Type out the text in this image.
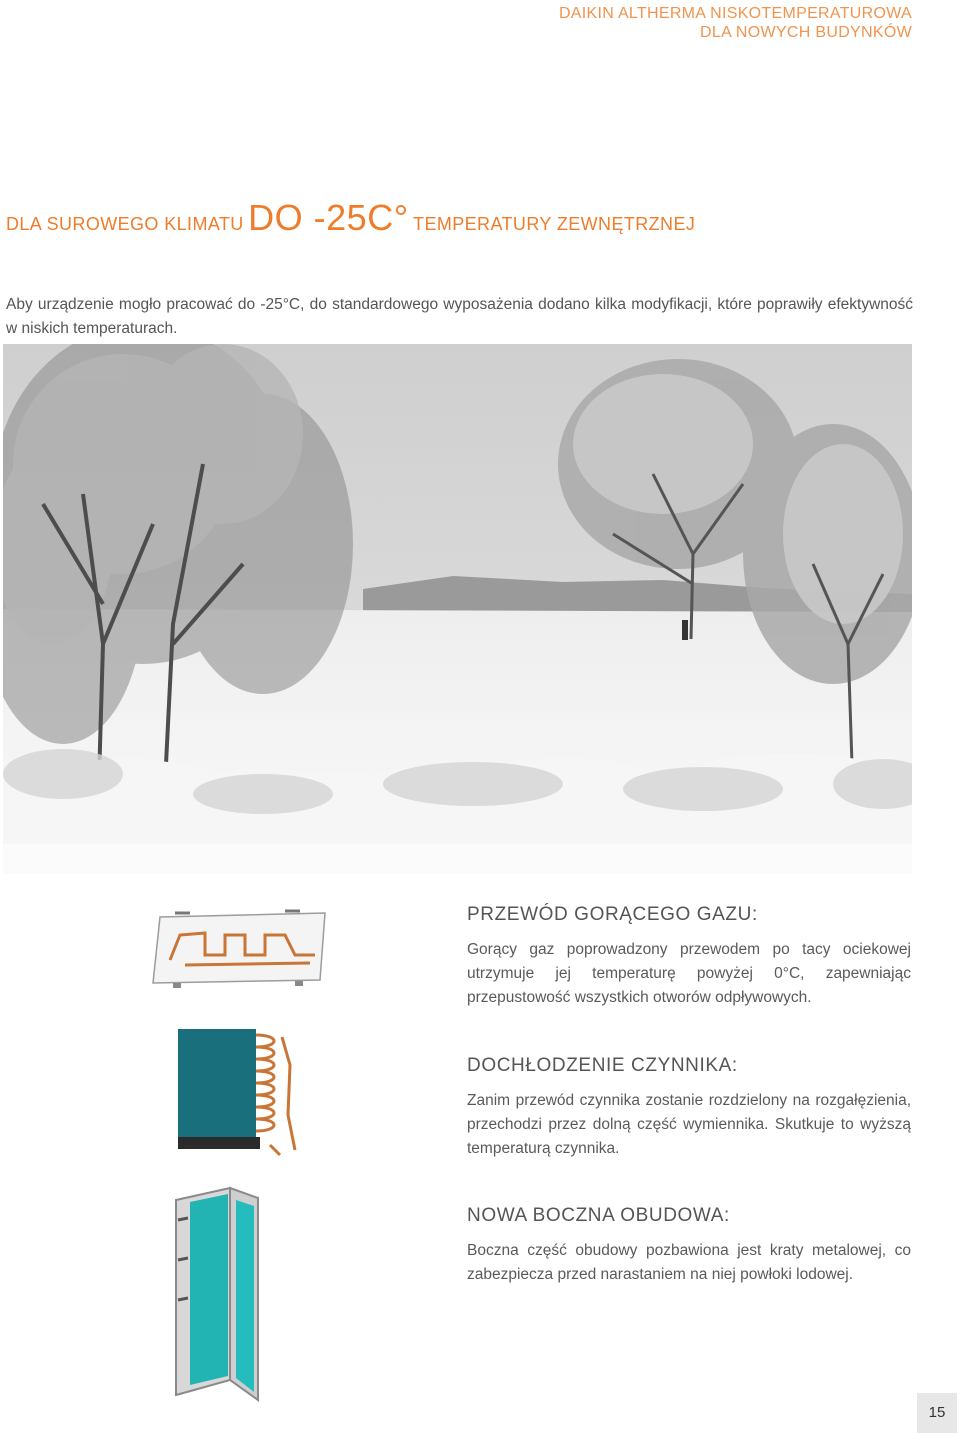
DAIKIN ALTHERMA NISKOTEMPERATUROWA
DLA NOWYCH BUDYNKÓW
DLA SUROWEGO KLIMATU DO -25C° TEMPERATURY ZEWNĘTRZNEJ

Aby urządzenie mogło pracować do -25°C, do standardowego wyposażenia dodano kilka modyfikacji, które poprawiły efektywność w niskich temperaturach.

PRZEWÓD GORĄCEGO GAZU:

Gorący gaz poprowadzony przewodem po tacy ociekowej utrzymuje jej temperaturę powyżej 0°C, zapewniając przepustowość wszystkich otworów odpływowych.

DOCHŁODZENIE CZYNNIKA:

Zanim przewód czynnika zostanie rozdzielony na rozgałęzienia, przechodzi przez dolną część wymiennika. Skutkuje to wyższą temperaturą czynnika.

NOWA BOCZNA OBUDOWA:

Boczna część obudowy pozbawiona jest kraty metalowej, co zabezpiecza przed narastaniem na niej powłoki lodowej.

15
